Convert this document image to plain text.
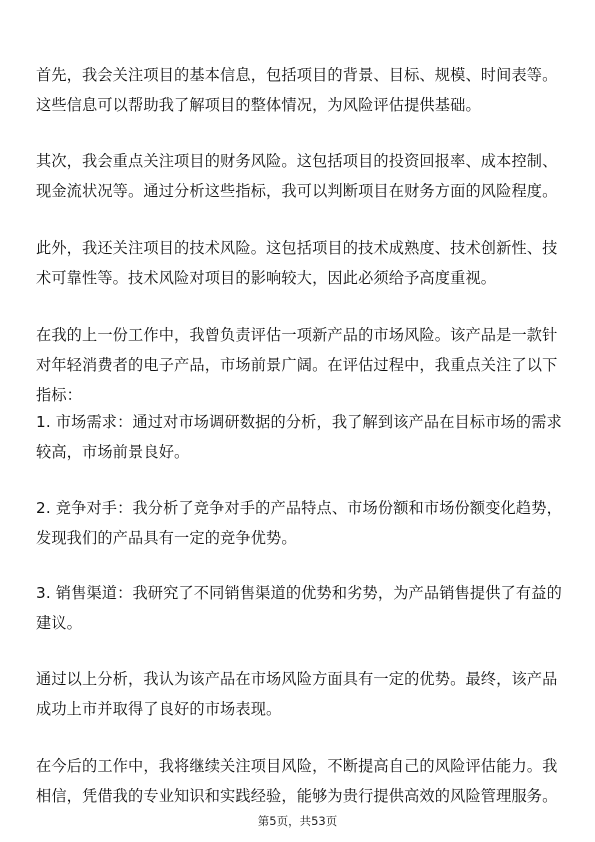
首先，我会关注项目的基本信息，包括项目的背景、目标、规模、时间表等。这些信息可以帮助我了解项目的整体情况，为风险评估提供基础。

其次，我会重点关注项目的财务风险。这包括项目的投资回报率、成本控制、现金流状况等。通过分析这些指标，我可以判断项目在财务方面的风险程度。

此外，我还关注项目的技术风险。这包括项目的技术成熟度、技术创新性、技术可靠性等。技术风险对项目的影响较大，因此必须给予高度重视。

在我的上一份工作中，我曾负责评估一项新产品的市场风险。该产品是一款针对年轻消费者的电子产品，市场前景广阔。在评估过程中，我重点关注了以下指标：

1. 市场需求：通过对市场调研数据的分析，我了解到该产品在目标市场的需求较高，市场前景良好。

2. 竞争对手：我分析了竞争对手的产品特点、市场份额和市场份额变化趋势，发现我们的产品具有一定的竞争优势。

3. 销售渠道：我研究了不同销售渠道的优势和劣势，为产品销售提供了有益的建议。

通过以上分析，我认为该产品在市场风险方面具有一定的优势。最终，该产品成功上市并取得了良好的市场表现。

在今后的工作中，我将继续关注项目风险，不断提高自己的风险评估能力。我相信，凭借我的专业知识和实践经验，能够为贵行提供高效的风险管理服务。

第5页，共53页
